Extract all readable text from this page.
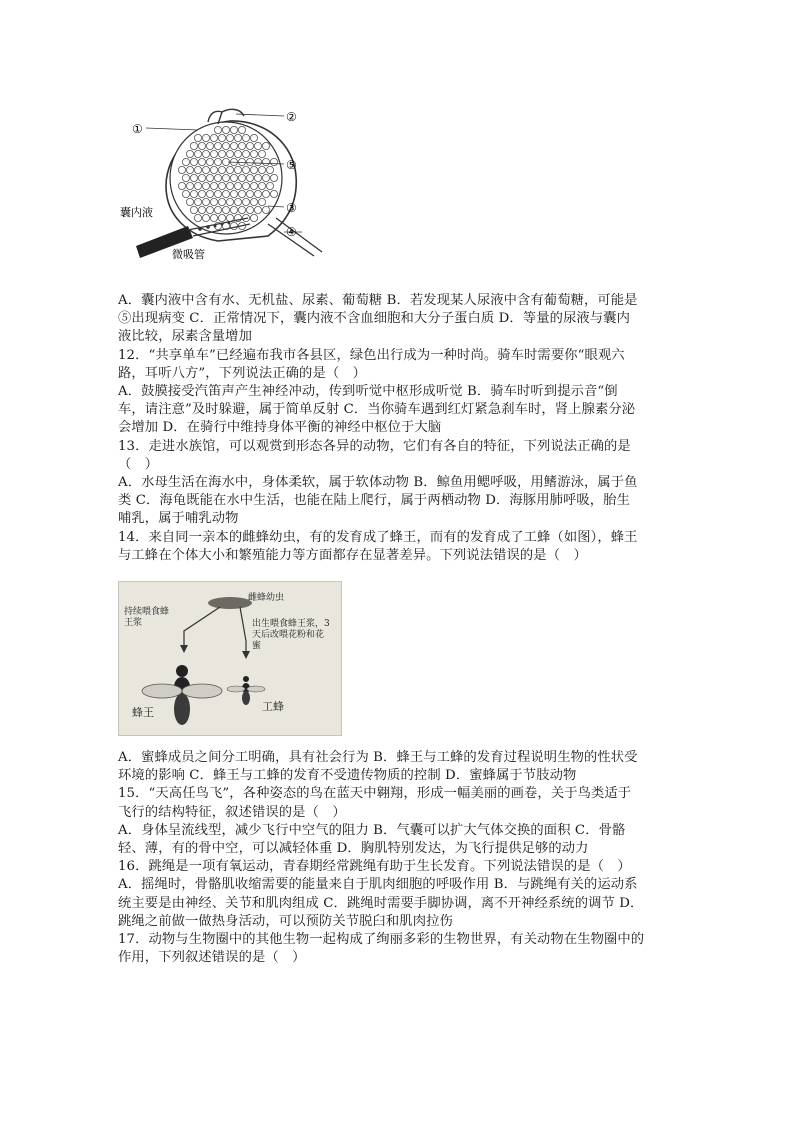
①
②
⑤
③
④
囊内液
微吸管

A．囊内液中含有水、无机盐、尿素、葡萄糖 B．若发现某人尿液中含有葡萄糖，可能是

⑤出现病变 C．正常情况下，囊内液不含血细胞和大分子蛋白质 D．等量的尿液与囊内

液比较，尿素含量增加

12．“共享单车”已经遍布我市各县区，绿色出行成为一种时尚。骑车时需要你“眼观六

路，耳听八方”，下列说法正确的是（　）

A．鼓膜接受汽笛声产生神经冲动，传到听觉中枢形成听觉 B．骑车时听到提示音“倒

车，请注意”及时躲避，属于简单反射 C．当你骑车遇到红灯紧急刹车时，肾上腺素分泌

会增加 D．在骑行中维持身体平衡的神经中枢位于大脑

13．走进水族馆，可以观赏到形态各异的动物，它们有各自的特征，下列说法正确的是

（　）

A．水母生活在海水中，身体柔软，属于软体动物 B．鲸鱼用鳃呼吸，用鳍游泳，属于鱼

类 C．海龟既能在水中生活，也能在陆上爬行，属于两栖动物 D．海豚用肺呼吸，胎生

哺乳，属于哺乳动物

14．来自同一亲本的雌蜂幼虫，有的发育成了蜂王，而有的发育成了工蜂（如图），蜂王

与工蜂在个体大小和繁殖能力等方面都存在显著差异。下列说法错误的是（　）

雌蜂幼虫
持续喂食蜂王浆	出生喂食蜂王浆，3天后改喂花粉和花蜜
蜂王	工蜂

A．蜜蜂成员之间分工明确，具有社会行为 B．蜂王与工蜂的发育过程说明生物的性状受

环境的影响 C．蜂王与工蜂的发育不受遗传物质的控制 D．蜜蜂属于节肢动物

15．“天高任鸟飞”，各种姿态的鸟在蓝天中翱翔，形成一幅美丽的画卷，关于鸟类适于

飞行的结构特征，叙述错误的是（　）

A．身体呈流线型，减少飞行中空气的阻力 B．气囊可以扩大气体交换的面积 C．骨骼

轻、薄，有的骨中空，可以减轻体重 D．胸肌特别发达，为飞行提供足够的动力

16．跳绳是一项有氧运动，青春期经常跳绳有助于生长发育。下列说法错误的是（　）

A．摇绳时，骨骼肌收缩需要的能量来自于肌肉细胞的呼吸作用 B．与跳绳有关的运动系

统主要是由神经、关节和肌肉组成 C．跳绳时需要手脚协调，离不开神经系统的调节 D．

跳绳之前做一做热身活动，可以预防关节脱臼和肌肉拉伤

17．动物与生物圈中的其他生物一起构成了绚丽多彩的生物世界，有关动物在生物圈中的

作用，下列叙述错误的是（　）
